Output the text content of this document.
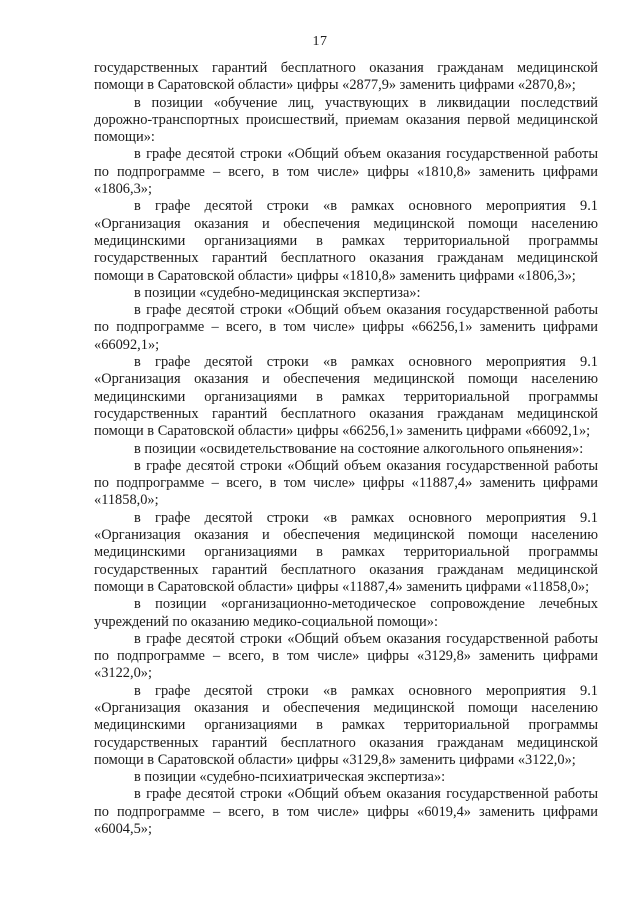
17

государственных гарантий бесплатного оказания гражданам медицинской помощи в Саратовской области» цифры «2877,9» заменить цифрами «2870,8»;

в позиции «обучение лиц, участвующих в ликвидации последствий дорожно-транспортных происшествий, приемам оказания первой медицинской помощи»:

в графе десятой строки «Общий объем оказания государственной работы по подпрограмме – всего, в том числе» цифры «1810,8» заменить цифрами «1806,3»;

в графе десятой строки «в рамках основного мероприятия 9.1 «Организация оказания и обеспечения медицинской помощи населению медицинскими организациями в рамках территориальной программы государственных гарантий бесплатного оказания гражданам медицинской помощи в Саратовской области» цифры «1810,8» заменить цифрами «1806,3»;

в позиции «судебно-медицинская экспертиза»:

в графе десятой строки «Общий объем оказания государственной работы по подпрограмме – всего, в том числе» цифры «66256,1» заменить цифрами «66092,1»;

в графе десятой строки «в рамках основного мероприятия 9.1 «Организация оказания и обеспечения медицинской помощи населению медицинскими организациями в рамках территориальной программы государственных гарантий бесплатного оказания гражданам медицинской помощи в Саратовской области» цифры «66256,1» заменить цифрами «66092,1»;

в позиции «освидетельствование на состояние алкогольного опьянения»:

в графе десятой строки «Общий объем оказания государственной работы по подпрограмме – всего, в том числе» цифры «11887,4» заменить цифрами «11858,0»;

в графе десятой строки «в рамках основного мероприятия 9.1 «Организация оказания и обеспечения медицинской помощи населению медицинскими организациями в рамках территориальной программы государственных гарантий бесплатного оказания гражданам медицинской помощи в Саратовской области» цифры «11887,4» заменить цифрами «11858,0»;

в позиции «организационно-методическое сопровождение лечебных учреждений по оказанию медико-социальной помощи»:

в графе десятой строки «Общий объем оказания государственной работы по подпрограмме – всего, в том числе» цифры «3129,8» заменить цифрами «3122,0»;

в графе десятой строки «в рамках основного мероприятия 9.1 «Организация оказания и обеспечения медицинской помощи населению медицинскими организациями в рамках территориальной программы государственных гарантий бесплатного оказания гражданам медицинской помощи в Саратовской области» цифры «3129,8» заменить цифрами «3122,0»;

в позиции «судебно-психиатрическая экспертиза»:

в графе десятой строки «Общий объем оказания государственной работы по подпрограмме – всего, в том числе» цифры «6019,4» заменить цифрами «6004,5»;
